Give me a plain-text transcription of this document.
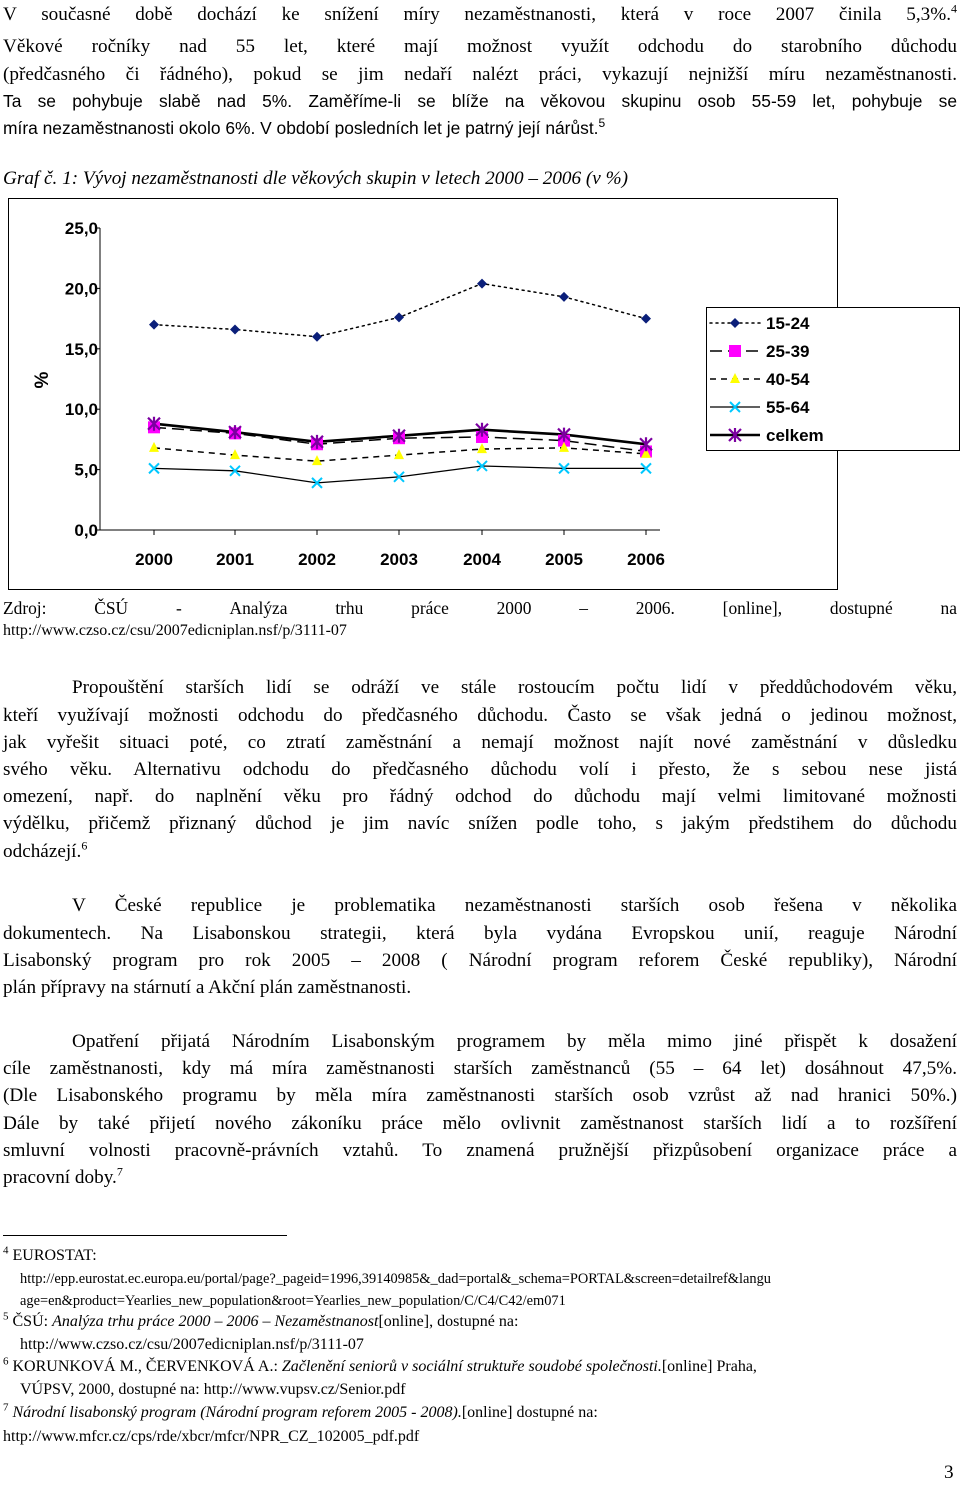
V současné době dochází ke snížení míry nezaměstnanosti, která v roce 2007 činila 5,3%.$^4$
Věkové ročníky nad 55 let, které mají možnost využít odchodu do starobního důchodu
(předčasného či řádného), pokud se jim nedaří nalézt práci, vykazují nejnižší míru nezaměstnanosti.
Ta se pohybuje slabě nad 5%. Zaměříme-li se blíže na věkovou skupinu osob 55-59 let, pohybuje se
míra nezaměstnanosti okolo 6%. V období posledních let je patrný její nárůst.$^5$
Graf č. 1: Vývoj nezaměstnanosti dle věkových skupin v letech 2000 – 2006 (v %)
0,0
5,0
10,0
15,0
20,0
25,0
%
2000	2001	2002	2003	2004	2005	2006
15-24
25-39
40-54
55-64
celkem
Zdroj:	ČSÚ	-	Analýza	trhu	práce	2000	–	2006.	[online],	dostupné	na
http://www.czso.cz/csu/2007edicniplan.nsf/p/3111-07
Propouštění starších lidí se odráží ve stále rostoucím počtu lidí v předdůchodovém věku,
kteří využívají možnosti odchodu do předčasného důchodu. Často se však jedná o jedinou možnost,
jak vyřešit situaci poté, co ztratí zaměstnání a nemají možnost najít nové zaměstnání v důsledku
svého věku. Alternativu odchodu do předčasného důchodu volí i přesto, že s sebou nese jistá
omezení, např. do naplnění věku pro řádný odchod do důchodu mají velmi limitované možnosti
výdělku, přičemž přiznaný důchod je jim navíc snížen podle toho, s jakým předstihem do důchodu
odcházejí.$^6$
V České republice je problematika nezaměstnanosti starších osob řešena v několika
dokumentech. Na Lisabonskou strategii, která byla vydána Evropskou unií, reaguje Národní
Lisabonský program pro rok 2005 – 2008 ( Národní program reforem České republiky), Národní
plán přípravy na stárnutí a Akční plán zaměstnanosti.
Opatření přijatá Národním Lisabonským programem by měla mimo jiné přispět k dosažení
cíle zaměstnanosti, kdy má míra zaměstnanosti starších zaměstnanců (55 – 64 let) dosáhnout 47,5%.
(Dle Lisabonského programu by měla míra zaměstnanosti starších osob vzrůst až nad hranici 50%.)
Dále by také přijetí nového zákoníku práce mělo ovlivnit zaměstnanost starších lidí a to rozšíření
smluvní volnosti pracovně-právních vztahů. To znamená pružnější přizpůsobení organizace práce a
pracovní doby.$^7$
$^4$ EUROSTAT:
http://epp.eurostat.ec.europa.eu/portal/page?_pageid=1996,39140985&_dad=portal&_schema=PORTAL&screen=detailref&langu
age=en&product=Yearlies_new_population&root=Yearlies_new_population/C/C4/C42/em071
$^5$ ČSÚ: Analýza trhu práce 2000 – 2006 – Nezaměstnanost[online], dostupné na:
http://www.czso.cz/csu/2007edicniplan.nsf/p/3111-07
$^6$ KORUNKOVÁ M., ČERVENKOVÁ A.: Začlenění seniorů v sociální struktuře soudobé společnosti.[online] Praha,
VÚPSV, 2000, dostupné na: http://www.vupsv.cz/Senior.pdf
$^7$ Národní lisabonský program (Národní program reforem 2005 - 2008).[online] dostupné na:
http://www.mfcr.cz/cps/rde/xbcr/mfcr/NPR_CZ_102005_pdf.pdf
3
